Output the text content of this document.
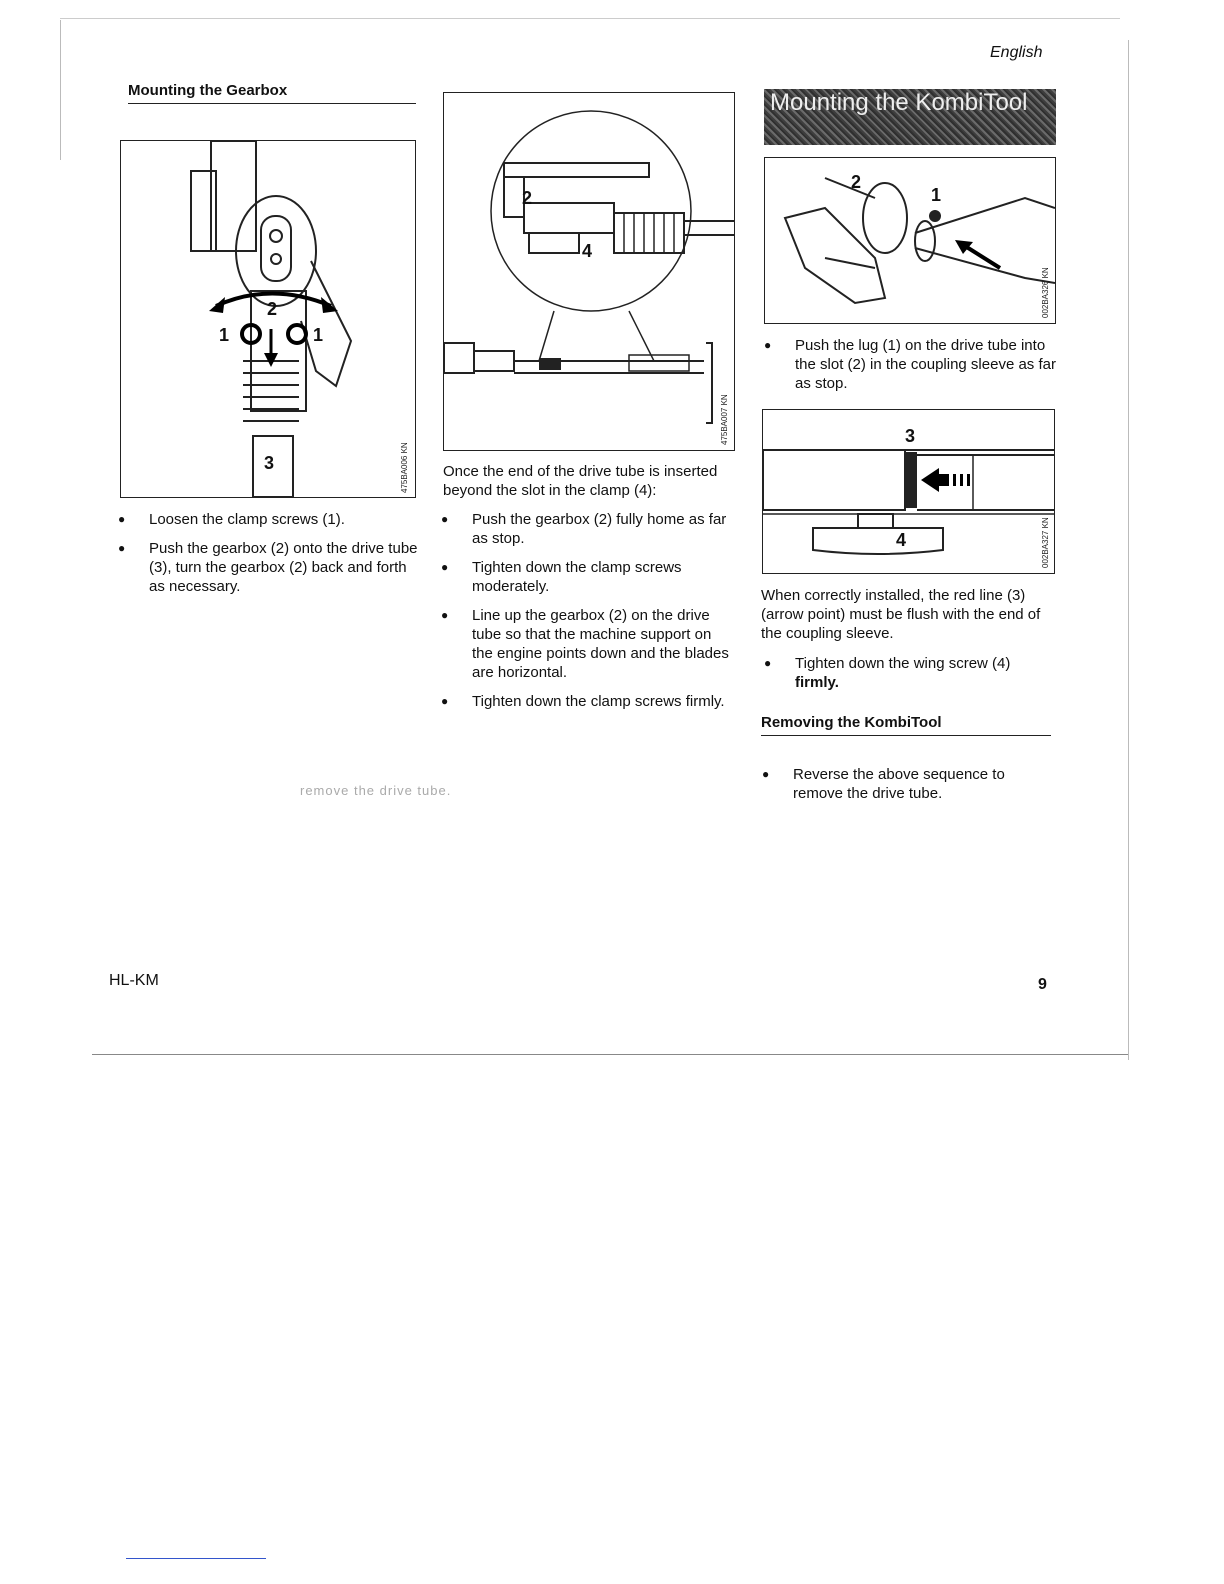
English
Mounting the Gearbox
2
1	1
3	475BA006 KN
● Loosen the clamp screws (1).
● Push the gearbox (2) onto the drive tube (3), turn the gearbox (2) back and forth as necessary.
2
4
475BA007 KN
Once the end of the drive tube is inserted beyond the slot in the clamp (4):
● Push the gearbox (2) fully home as far as stop.
● Tighten down the clamp screws moderately.
● Line up the gearbox (2) on the drive tube so that the machine support on the engine points down and the blades are horizontal.
● Tighten down the clamp screws firmly.
Mounting the KombiTool
2
1
002BA326 KN
● Push the lug (1) on the drive tube into the slot (2) in the coupling sleeve as far as stop.
3
4	002BA327 KN
When correctly installed, the red line (3) (arrow point) must be flush with the end of the coupling sleeve.
● Tighten down the wing screw (4)
firmly.
Removing the KombiTool
● Reverse the above sequence to remove the drive tube.
remove the drive tube.
HL-KM	9
